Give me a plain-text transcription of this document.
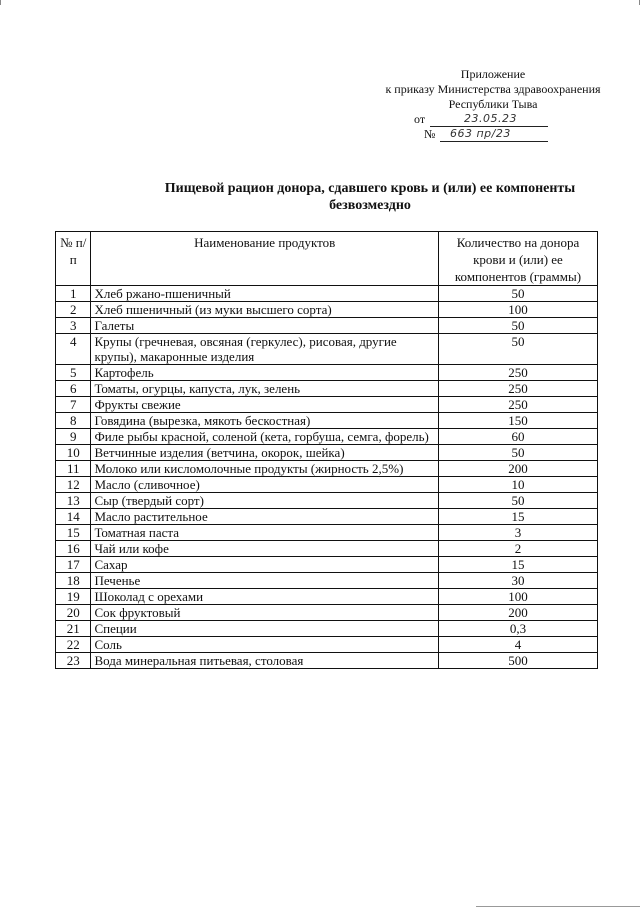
Приложение
к приказу Министерства здравоохранения
Республики Тыва
от	23.05.23
№ 663 пр/23
Пищевой рацион донора, сдавшего кровь и (или) ее компоненты
безвозмездно
№ п/п	Наименование продуктов	Количество на донора крови и (или) ее компонентов (граммы)
1	Хлеб ржано-пшеничный	50
2	Хлеб пшеничный (из муки высшего сорта)	100
3	Галеты	50
4	Крупы (гречневая, овсяная (геркулес), рисовая, другие крупы), макаронные изделия	50
5	Картофель	250
6	Томаты, огурцы, капуста, лук, зелень	250
7	Фрукты свежие	250
8	Говядина (вырезка, мякоть бескостная)	150
9	Филе рыбы красной, соленой (кета, горбуша, семга, форель)	60
10	Ветчинные изделия (ветчина, окорок, шейка)	50
11	Молоко или кисломолочные продукты (жирность 2,5%)	200
12	Масло (сливочное)	10
13	Сыр (твердый сорт)	50
14	Масло растительное	15
15	Томатная паста	3
16	Чай или кофе	2
17	Сахар	15
18	Печенье	30
19	Шоколад с орехами	100
20	Сок фруктовый	200
21	Специи	0,3
22	Соль	4
23	Вода минеральная питьевая, столовая	500
